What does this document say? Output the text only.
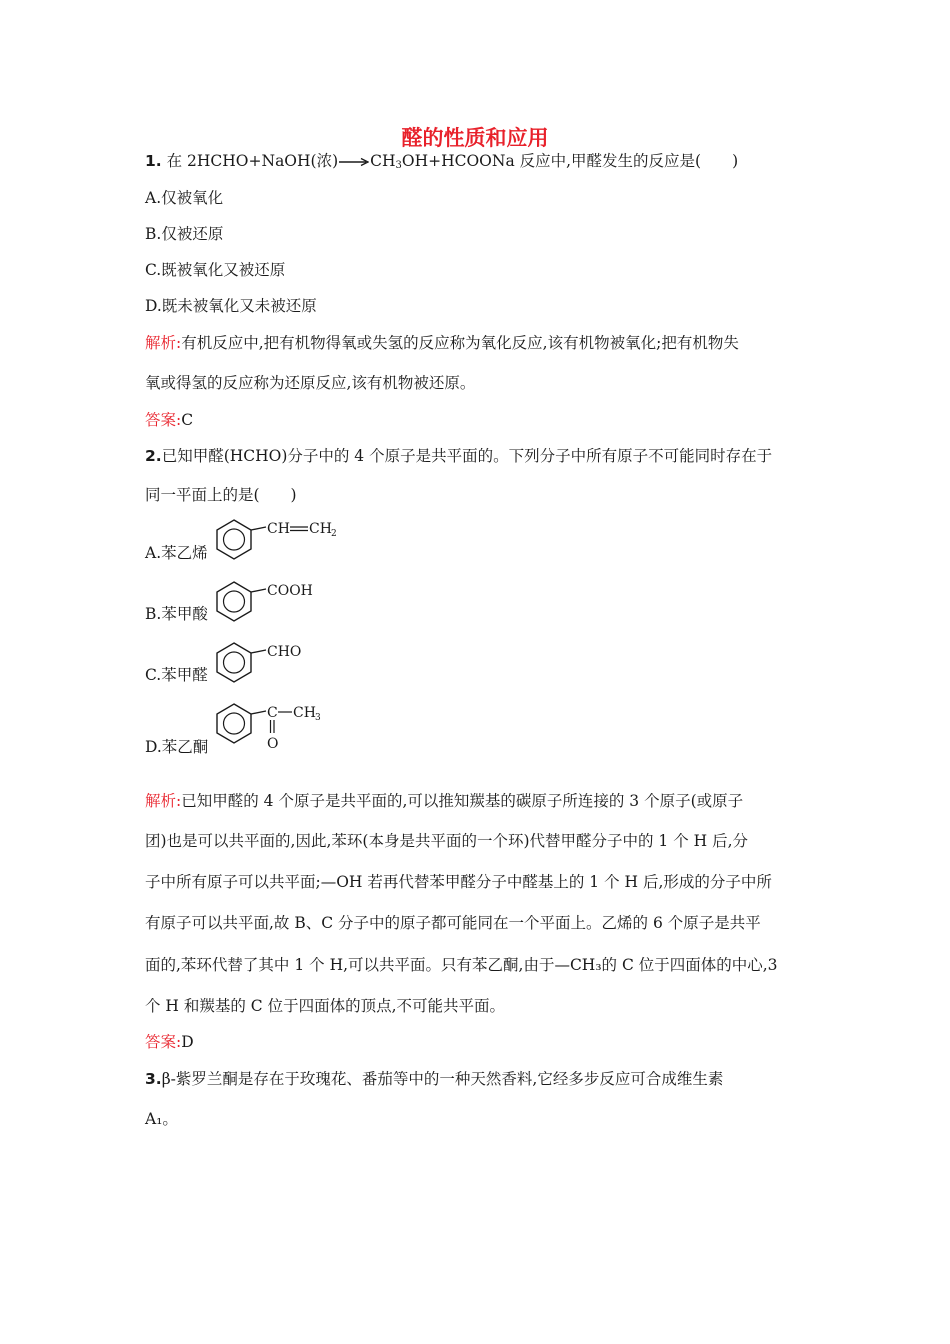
醛的性质和应用
1. 在 2HCHO+NaOH(浓)$\to CH_3OH+HCOONa$ 反应中,甲醛发生的反应是(　　)
A.仅被氧化
B.仅被还原
C.既被氧化又被还原
D.既未被氧化又未被还原
解析:有机反应中,把有机物得氧或失氢的反应称为氧化反应,该有机物被氧化;把有机物失
氧或得氢的反应称为还原反应,该有机物被还原。
答案:C
2.已知甲醛(HCHO)分子中的 4 个原子是共平面的。下列分子中所有原子不可能同时存在于
同一平面上的是(　　)
A.苯乙烯
CH CH 2
B.苯甲酸
COOH
C.苯甲醛
CHO
D.苯乙酮
C CH 3
O
解析:已知甲醛的 4 个原子是共平面的,可以推知羰基的碳原子所连接的 3 个原子(或原子
团)也是可以共平面的,因此,苯环(本身是共平面的一个环)代替甲醛分子中的 1 个 H 后,分
子中所有原子可以共平面;—OH 若再代替苯甲醛分子中醛基上的 1 个 H 后,形成的分子中所
有原子可以共平面,故 B、C 分子中的原子都可能同在一个平面上。乙烯的 6 个原子是共平
面的,苯环代替了其中 1 个 H,可以共平面。只有苯乙酮,由于—CH₃的 C 位于四面体的中心,3
个 H 和羰基的 C 位于四面体的顶点,不可能共平面。
答案:D
3.β-紫罗兰酮是存在于玫瑰花、番茄等中的一种天然香料,它经多步反应可合成维生素
A₁。
